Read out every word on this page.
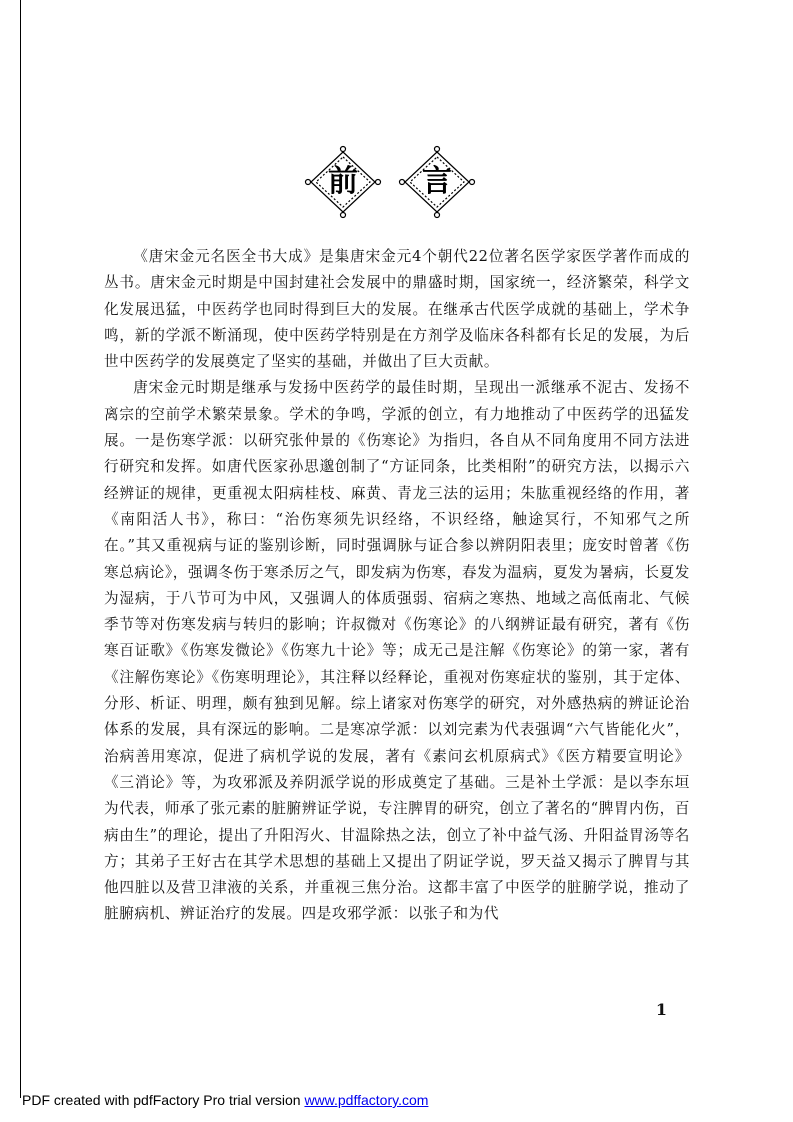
前 言

《唐宋金元名医全书大成》是集唐宋金元4个朝代22位著名医学家医学著作而成的丛书。唐宋金元时期是中国封建社会发展中的鼎盛时期，国家统一，经济繁荣，科学文化发展迅猛，中医药学也同时得到巨大的发展。在继承古代医学成就的基础上，学术争鸣，新的学派不断涌现，使中医药学特别是在方剂学及临床各科都有长足的发展，为后世中医药学的发展奠定了坚实的基础，并做出了巨大贡献。

唐宋金元时期是继承与发扬中医药学的最佳时期，呈现出一派继承不泥古、发扬不离宗的空前学术繁荣景象。学术的争鸣，学派的创立，有力地推动了中医药学的迅猛发展。一是伤寒学派：以研究张仲景的《伤寒论》为指归，各自从不同角度用不同方法进行研究和发挥。如唐代医家孙思邈创制了“方证同条，比类相附”的研究方法，以揭示六经辨证的规律，更重视太阳病桂枝、麻黄、青龙三法的运用；朱肱重视经络的作用，著《南阳活人书》，称曰：“治伤寒须先识经络，不识经络，触途冥行，不知邪气之所在。”其又重视病与证的鉴别诊断，同时强调脉与证合参以辨阴阳表里；庞安时曾著《伤寒总病论》，强调冬伤于寒杀厉之气，即发病为伤寒，春发为温病，夏发为暑病，长夏发为湿病，于八节可为中风，又强调人的体质强弱、宿病之寒热、地域之高低南北、气候季节等对伤寒发病与转归的影响；许叔微对《伤寒论》的八纲辨证最有研究，著有《伤寒百证歌》《伤寒发微论》《伤寒九十论》等；成无己是注解《伤寒论》的第一家，著有《注解伤寒论》《伤寒明理论》，其注释以经释论，重视对伤寒症状的鉴别，其于定体、分形、析证、明理，颇有独到见解。综上诸家对伤寒学的研究，对外感热病的辨证论治体系的发展，具有深远的影响。二是寒凉学派：以刘完素为代表强调“六气皆能化火”，治病善用寒凉，促进了病机学说的发展，著有《素问玄机原病式》《医方精要宣明论》《三消论》等，为攻邪派及养阴派学说的形成奠定了基础。三是补土学派：是以李东垣为代表，师承了张元素的脏腑辨证学说，专注脾胃的研究，创立了著名的“脾胃内伤，百病由生”的理论，提出了升阳泻火、甘温除热之法，创立了补中益气汤、升阳益胃汤等名方；其弟子王好古在其学术思想的基础上又提出了阴证学说，罗天益又揭示了脾胃与其他四脏以及营卫津液的关系，并重视三焦分治。这都丰富了中医学的脏腑学说，推动了脏腑病机、辨证治疗的发展。四是攻邪学派：以张子和为代

1
PDF created with pdfFactory Pro trial version www.pdffactory.com
